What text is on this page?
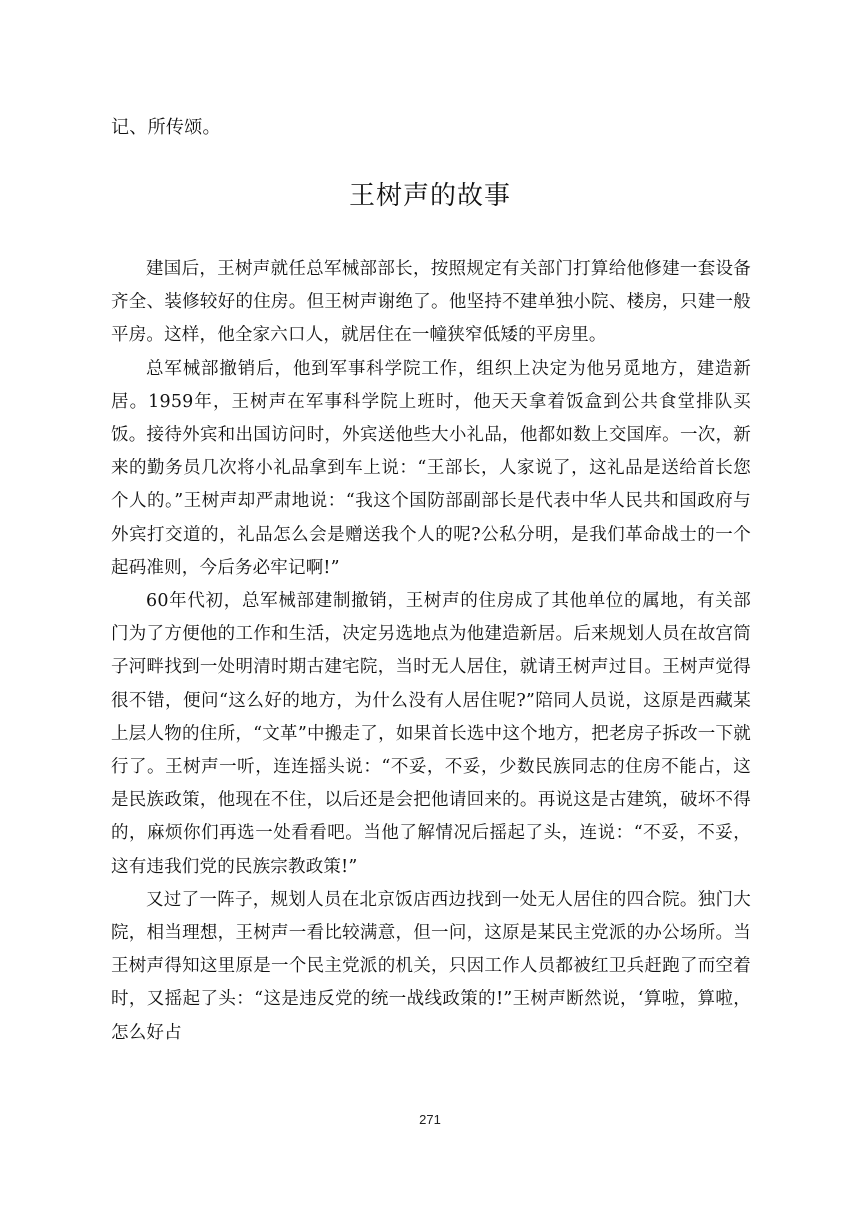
记、所传颂。
王树声的故事

建国后，王树声就任总军械部部长，按照规定有关部门打算给他修建一套设备齐全、装修较好的住房。但王树声谢绝了。他坚持不建单独小院、楼房，只建一般平房。这样，他全家六口人，就居住在一幢狭窄低矮的平房里。

总军械部撤销后，他到军事科学院工作，组织上决定为他另觅地方，建造新居。1959年，王树声在军事科学院上班时，他天天拿着饭盒到公共食堂排队买饭。接待外宾和出国访问时，外宾送他些大小礼品，他都如数上交国库。一次，新来的勤务员几次将小礼品拿到车上说：“王部长，人家说了，这礼品是送给首长您个人的。”王树声却严肃地说：“我这个国防部副部长是代表中华人民共和国政府与外宾打交道的，礼品怎么会是赠送我个人的呢?公私分明，是我们革命战士的一个起码准则，今后务必牢记啊!”

60年代初，总军械部建制撤销，王树声的住房成了其他单位的属地，有关部门为了方便他的工作和生活，决定另选地点为他建造新居。后来规划人员在故宫筒子河畔找到一处明清时期古建宅院，当时无人居住，就请王树声过目。王树声觉得很不错，便问“这么好的地方，为什么没有人居住呢?”陪同人员说，这原是西藏某上层人物的住所，“文革”中搬走了，如果首长选中这个地方，把老房子拆改一下就行了。王树声一听，连连摇头说：“不妥，不妥，少数民族同志的住房不能占，这是民族政策，他现在不住，以后还是会把他请回来的。再说这是古建筑，破坏不得的，麻烦你们再选一处看看吧。当他了解情况后摇起了头，连说：“不妥，不妥，这有违我们党的民族宗教政策!”

又过了一阵子，规划人员在北京饭店西边找到一处无人居住的四合院。独门大院，相当理想，王树声一看比较满意，但一问，这原是某民主党派的办公场所。当王树声得知这里原是一个民主党派的机关，只因工作人员都被红卫兵赶跑了而空着时，又摇起了头：“这是违反党的统一战线政策的!”王树声断然说，‘算啦，算啦，怎么好占

271
